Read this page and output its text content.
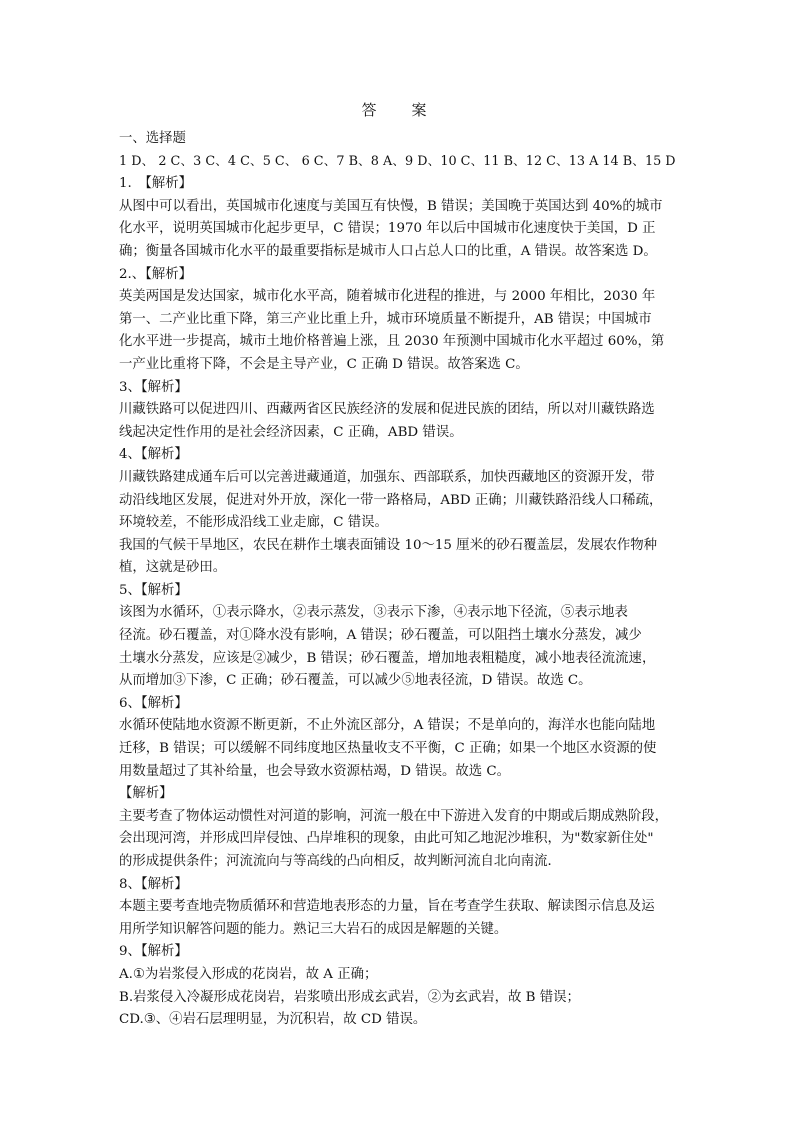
答　案
一、选择题
1 D、 2 C、3 C、4 C、5 C、 6 C、7 B、8 A、9 D、10 C、11 B、12 C、13 A 14 B、15 D
1.　【解析】
从图中可以看出，英国城市化速度与美国互有快慢，B 错误；美国晚于英国达到 40%的城市
化水平，说明英国城市化起步更早，C 错误；1970 年以后中国城市化速度快于美国，D 正
确；衡量各国城市化水平的最重要指标是城市人口占总人口的比重，A 错误。故答案选 D。
2.、【解析】
英美两国是发达国家，城市化水平高，随着城市化进程的推进，与 2000 年相比，2030 年
第一、二产业比重下降，第三产业比重上升，城市环境质量不断提升，AB 错误；中国城市
化水平进一步提高，城市土地价格普遍上涨，且 2030 年预测中国城市化水平超过 60%，第
一产业比重将下降，不会是主导产业，C 正确 D 错误。故答案选 C。
3、【解析】
川藏铁路可以促进四川、西藏两省区民族经济的发展和促进民族的团结，所以对川藏铁路选
线起决定性作用的是社会经济因素，C 正确，ABD 错误。
4、【解析】
川藏铁路建成通车后可以完善进藏通道，加强东、西部联系，加快西藏地区的资源开发，带
动沿线地区发展，促进对外开放，深化一带一路格局，ABD 正确；川藏铁路沿线人口稀疏，
环境较差，不能形成沿线工业走廊，C 错误。
我国的气候干旱地区，农民在耕作土壤表面铺设 10～15 厘米的砂石覆盖层，发展农作物种
植，这就是砂田。
5、【解析】
该图为水循环，①表示降水，②表示蒸发，③表示下渗，④表示地下径流，⑤表示地表
径流。砂石覆盖，对①降水没有影响，A 错误；砂石覆盖，可以阻挡土壤水分蒸发，减少
土壤水分蒸发，应该是②减少，B 错误；砂石覆盖，增加地表粗糙度，减小地表径流流速，
从而增加③下渗，C 正确；砂石覆盖，可以减少⑤地表径流，D 错误。故选 C。
6、【解析】
水循环使陆地水资源不断更新，不止外流区部分，A 错误；不是单向的，海洋水也能向陆地
迁移，B 错误；可以缓解不同纬度地区热量收支不平衡，C 正确；如果一个地区水资源的使
用数量超过了其补给量，也会导致水资源枯竭，D 错误。故选 C。
【解析】
主要考查了物体运动惯性对河道的影响，河流一般在中下游进入发育的中期或后期成熟阶段，
会出现河湾，并形成凹岸侵蚀、凸岸堆积的现象，由此可知乙地泥沙堆积，为"数家新住处"
的形成提供条件；河流流向与等高线的凸向相反，故判断河流自北向南流．
8、【解析】
本题主要考查地壳物质循环和营造地表形态的力量，旨在考查学生获取、解读图示信息及运
用所学知识解答问题的能力。熟记三大岩石的成因是解题的关键。
9、【解析】
A.①为岩浆侵入形成的花岗岩，故 A 正确；
B.岩浆侵入冷凝形成花岗岩，岩浆喷出形成玄武岩，②为玄武岩，故 B 错误；
CD.③、④岩石层理明显，为沉积岩，故 CD 错误。
